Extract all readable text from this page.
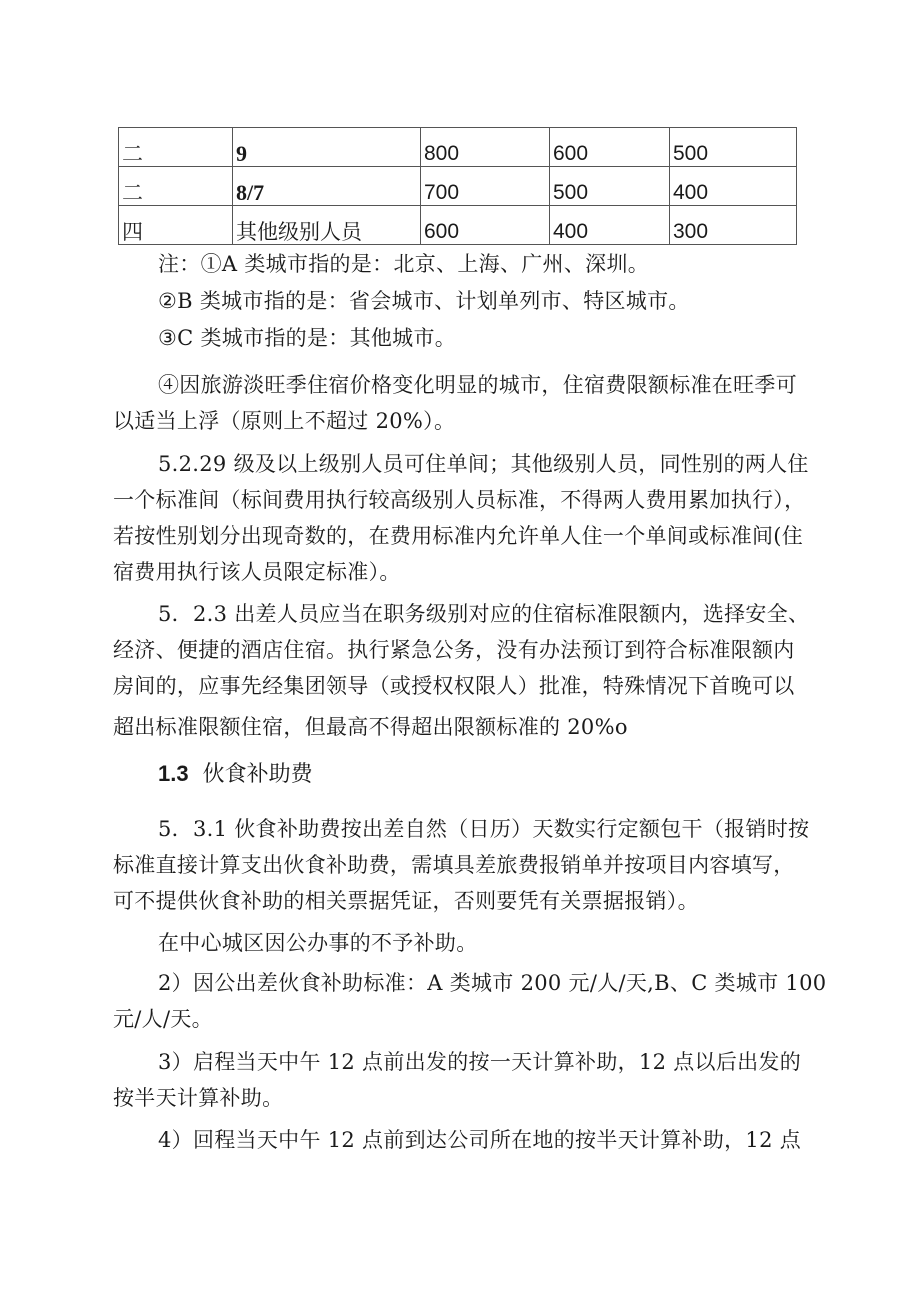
二	9	800	600	500
二	8/7	700	500	400
四	其他级别人员	600	400	300
注：①A 类城市指的是：北京、上海、广州、深圳。
②B 类城市指的是：省会城市、计划单列市、特区城市。
③C 类城市指的是：其他城市。
④因旅游淡旺季住宿价格变化明显的城市，住宿费限额标准在旺季可
以适当上浮（原则上不超过 20%）。
5.2.29 级及以上级别人员可住单间；其他级别人员，同性别的两人住
一个标准间（标间费用执行较高级别人员标准，不得两人费用累加执行），
若按性别划分出现奇数的，在费用标准内允许单人住一个单间或标准间(住
宿费用执行该人员限定标准）。
5．2.3 出差人员应当在职务级别对应的住宿标准限额内，选择安全、
经济、便捷的酒店住宿。执行紧急公务，没有办法预订到符合标准限额内
房间的，应事先经集团领导（或授权权限人）批准，特殊情况下首晚可以
超出标准限额住宿，但最高不得超出限额标准的 20%o
1.3 伙食补助费
5．3.1 伙食补助费按出差自然（日历）天数实行定额包干（报销时按
标准直接计算支出伙食补助费，需填具差旅费报销单并按项目内容填写，
可不提供伙食补助的相关票据凭证，否则要凭有关票据报销）。
在中心城区因公办事的不予补助。
2）因公出差伙食补助标准：A 类城市 200 元/人/天,B、C 类城市 100
元/人/天。
3）启程当天中午 12 点前出发的按一天计算补助，12 点以后出发的
按半天计算补助。
4）回程当天中午 12 点前到达公司所在地的按半天计算补助，12 点
